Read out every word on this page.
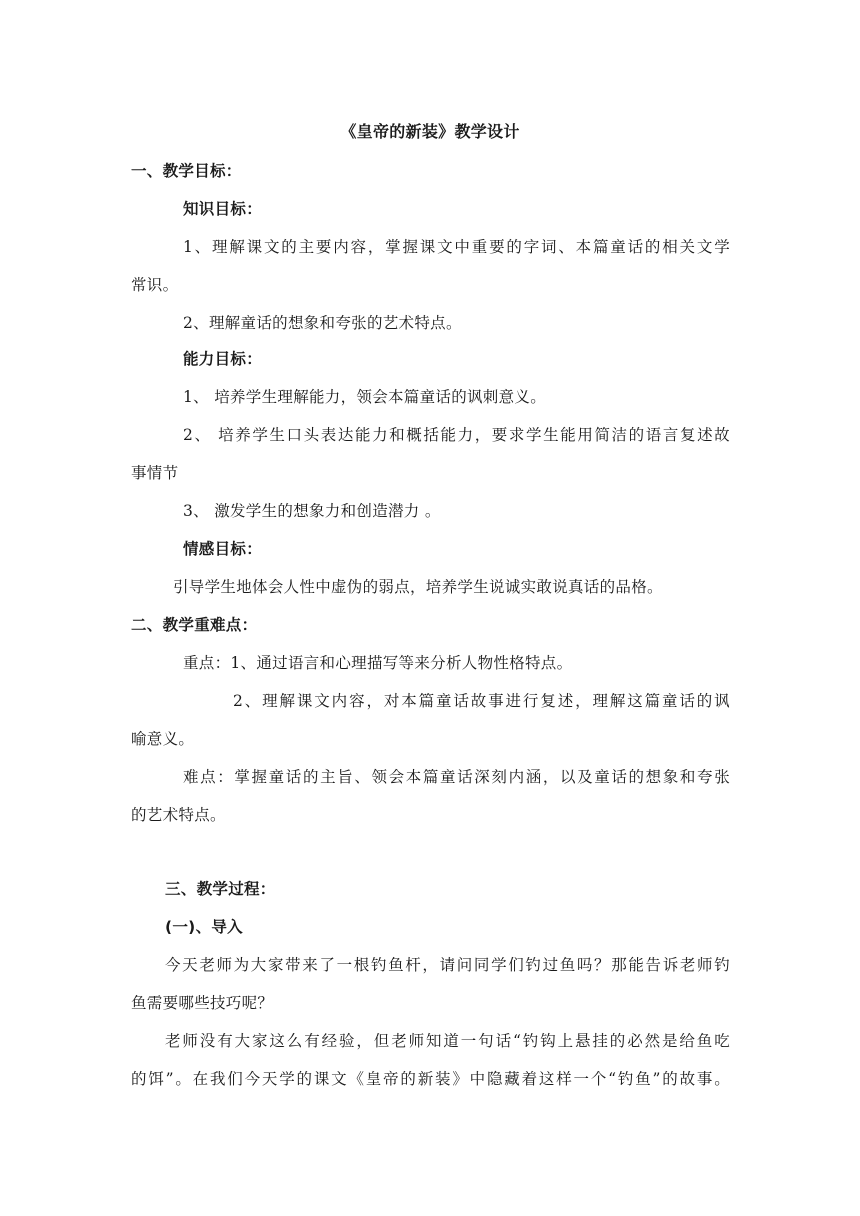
《皇帝的新装》教学设计
一、教学目标：
知识目标：
1、理解课文的主要内容，掌握课文中重要的字词、本篇童话的相关文学
常识。
2、理解童话的想象和夸张的艺术特点。
能力目标：
1、 培养学生理解能力，领会本篇童话的讽刺意义。
2、 培养学生口头表达能力和概括能力，要求学生能用简洁的语言复述故
事情节
3、 激发学生的想象力和创造潜力 。
情感目标：
引导学生地体会人性中虚伪的弱点，培养学生说诚实敢说真话的品格。
二、教学重难点：
重点：1、通过语言和心理描写等来分析人物性格特点。
2、理解课文内容，对本篇童话故事进行复述，理解这篇童话的讽
喻意义。
难点：掌握童话的主旨、领会本篇童话深刻内涵，以及童话的想象和夸张
的艺术特点。
三、教学过程：
(一)、导入
今天老师为大家带来了一根钓鱼杆，请问同学们钓过鱼吗？那能告诉老师钓
鱼需要哪些技巧呢？
老师没有大家这么有经验，但老师知道一句话“钓钩上悬挂的必然是给鱼吃
的饵”。在我们今天学的课文《皇帝的新装》中隐藏着这样一个“钓鱼”的故事。
